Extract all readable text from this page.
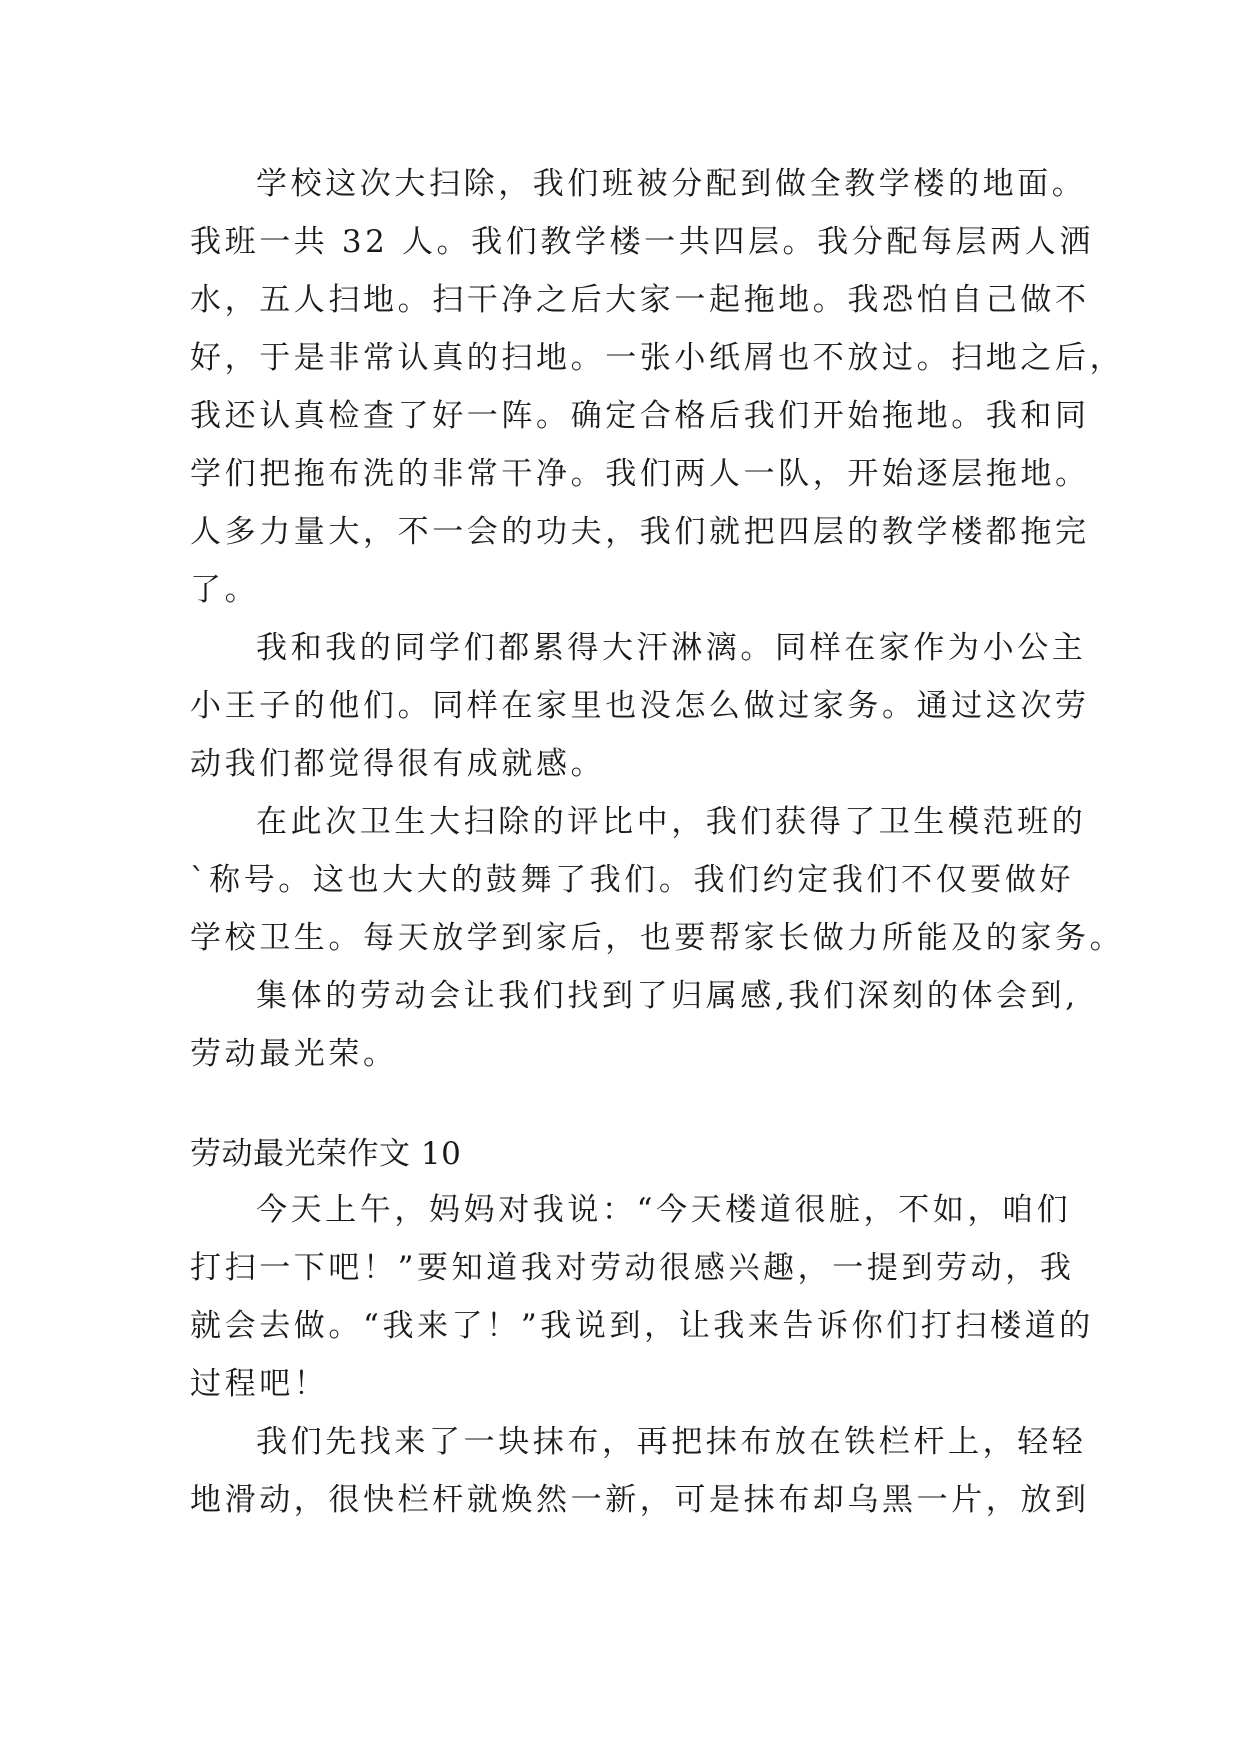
学校这次大扫除，我们班被分配到做全教学楼的地面。
我班一共 32 人。我们教学楼一共四层。我分配每层两人洒
水，五人扫地。扫干净之后大家一起拖地。我恐怕自己做不
好，于是非常认真的扫地。一张小纸屑也不放过。扫地之后，
我还认真检查了好一阵。确定合格后我们开始拖地。我和同
学们把拖布洗的非常干净。我们两人一队，开始逐层拖地。
人多力量大，不一会的功夫，我们就把四层的教学楼都拖完
了。
我和我的同学们都累得大汗淋漓。同样在家作为小公主
小王子的他们。同样在家里也没怎么做过家务。通过这次劳
动我们都觉得很有成就感。
在此次卫生大扫除的评比中，我们获得了卫生模范班的
`称号。这也大大的鼓舞了我们。我们约定我们不仅要做好
学校卫生。每天放学到家后，也要帮家长做力所能及的家务。
集体的劳动会让我们找到了归属感,我们深刻的体会到,
劳动最光荣。
劳动最光荣作文 10
今天上午，妈妈对我说：“今天楼道很脏，不如，咱们
打扫一下吧！”要知道我对劳动很感兴趣，一提到劳动，我
就会去做。“我来了！”我说到，让我来告诉你们打扫楼道的
过程吧！
我们先找来了一块抹布，再把抹布放在铁栏杆上，轻轻
地滑动，很快栏杆就焕然一新，可是抹布却乌黑一片，放到
